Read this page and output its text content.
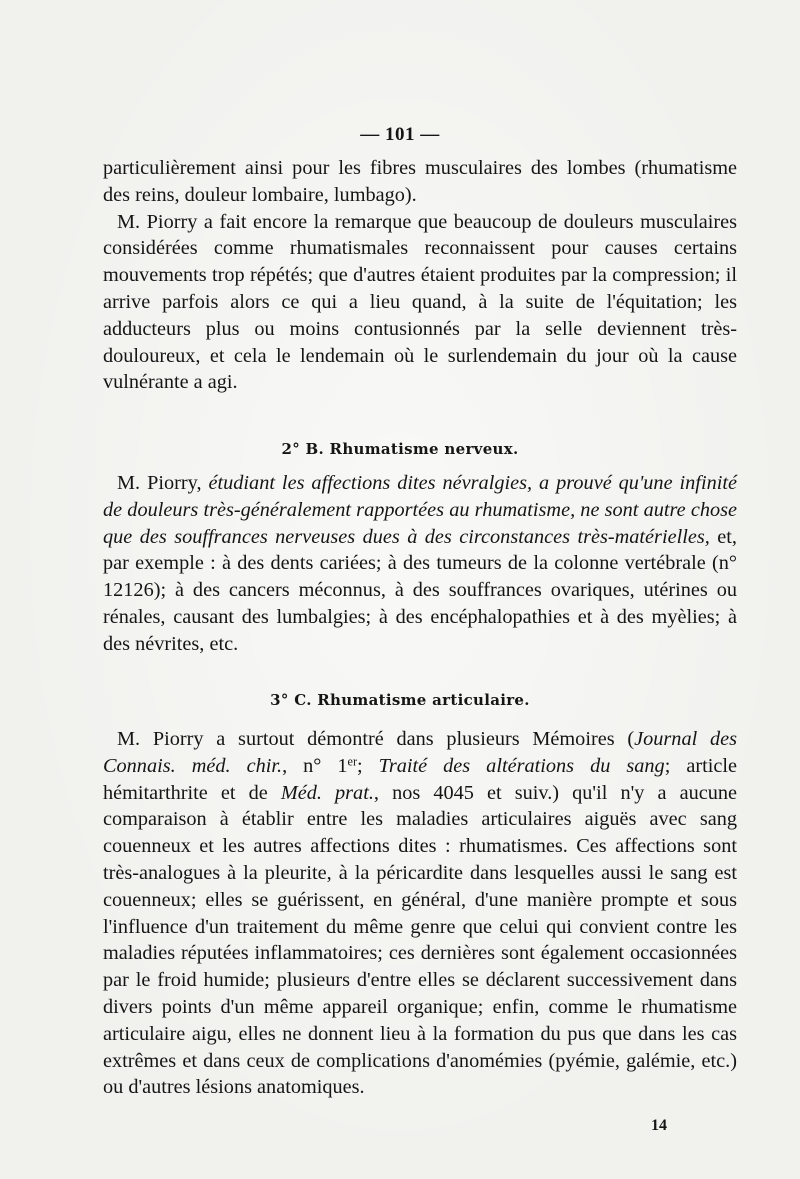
— 101 —

particulièrement ainsi pour les fibres musculaires des lombes (rhumatisme des reins, douleur lombaire, lumbago).

M. Piorry a fait encore la remarque que beaucoup de douleurs musculaires considérées comme rhumatismales reconnaissent pour causes certains mouvements trop répétés; que d'autres étaient produites par la compression; il arrive parfois alors ce qui a lieu quand, à la suite de l'équitation; les adducteurs plus ou moins contusionnés par la selle deviennent très-douloureux, et cela le lendemain où le surlendemain du jour où la cause vulnérante a agi.

2° B. Rhumatisme nerveux.

M. Piorry, étudiant les affections dites névralgies, a prouvé qu'une infinité de douleurs très-généralement rapportées au rhumatisme, ne sont autre chose que des souffrances nerveuses dues à des circonstances très-matérielles, et, par exemple : à des dents cariées; à des tumeurs de la colonne vertébrale (n° 12126); à des cancers méconnus, à des souffrances ovariques, utérines ou rénales, causant des lumbalgies; à des encéphalopathies et à des myèlies; à des névrites, etc.

3° C. Rhumatisme articulaire.

M. Piorry a surtout démontré dans plusieurs Mémoires (Journal des Connais. méd. chir., n° 1er; Traité des altérations du sang; article hémitarthrite et de Méd. prat., nos 4045 et suiv.) qu'il n'y a aucune comparaison à établir entre les maladies articulaires aiguës avec sang couenneux et les autres affections dites : rhumatismes. Ces affections sont très-analogues à la pleurite, à la péricardite dans lesquelles aussi le sang est couenneux; elles se guérissent, en général, d'une manière prompte et sous l'influence d'un traitement du même genre que celui qui convient contre les maladies réputées inflammatoires; ces dernières sont également occasionnées par le froid humide; plusieurs d'entre elles se déclarent successivement dans divers points d'un même appareil organique; enfin, comme le rhumatisme articulaire aigu, elles ne donnent lieu à la formation du pus que dans les cas extrêmes et dans ceux de complications d'anomémies (pyémie, galémie, etc.) ou d'autres lésions anatomiques.

14
